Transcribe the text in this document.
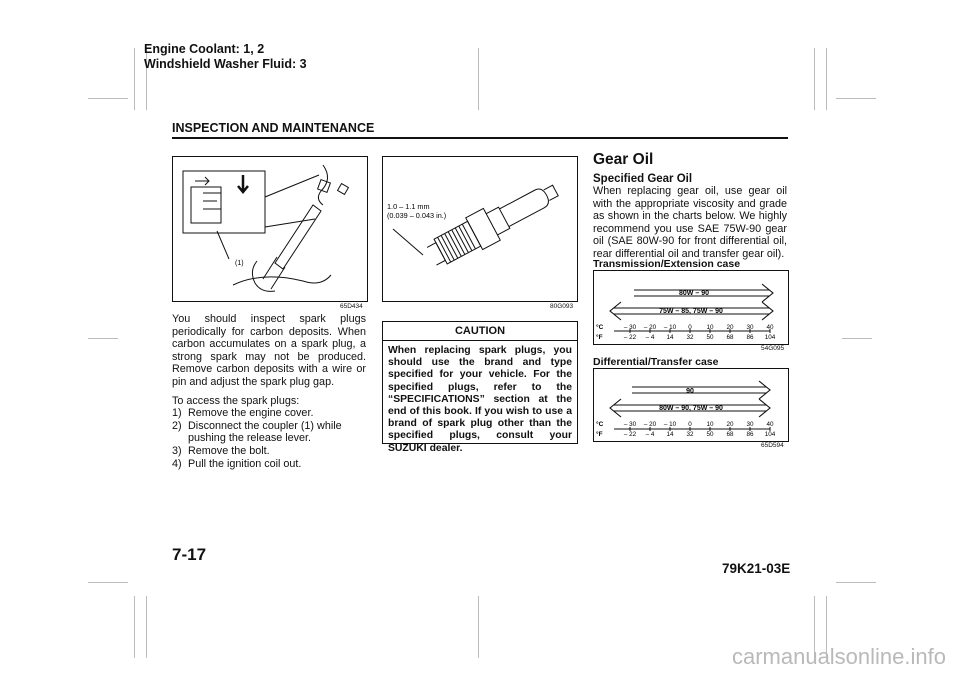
Engine Coolant: 1, 2
Windshield Washer Fluid: 3
INSPECTION AND MAINTENANCE
(1)
65D434
1.0 – 1.1 mm
(0.039 – 0.043 in.)
80G093

You should inspect spark plugs periodically for carbon deposits. When carbon accumulates on a spark plug, a strong spark may not be produced. Remove carbon deposits with a wire or pin and adjust the spark plug gap.

To access the spark plugs:
1) Remove the engine cover.
2) Disconnect the coupler (1) while pushing the release lever.
3) Remove the bolt.
4) Pull the ignition coil out.
CAUTION
When replacing spark plugs, you should use the brand and type specified for your vehicle. For the specified plugs, refer to the “SPECIFICATIONS” section at the end of this book. If you wish to use a brand of spark plug other than the specified plugs, consult your SUZUKI dealer.
Gear Oil
Specified Gear Oil

When replacing gear oil, use gear oil with the appropriate viscosity and grade as shown in the charts below. We highly recommend you use SAE 75W-90 gear oil (SAE 80W-90 for front differential oil, rear differential oil and transfer gear oil).

Transmission/Extension case
80W – 90
75W – 85, 75W – 90
°C
°F
– 30
– 22
– 20
– 4
– 10
14
0
32
10
50
20
68
30
86
40
104
54G095
Differential/Transfer case
90
80W – 90, 75W – 90
°C
°F
– 30
– 22
– 20
– 4
– 10
14
0
32
10
50
20
68
30
86
40
104
65D594
7-17
79K21-03E
carmanualsonline.info
